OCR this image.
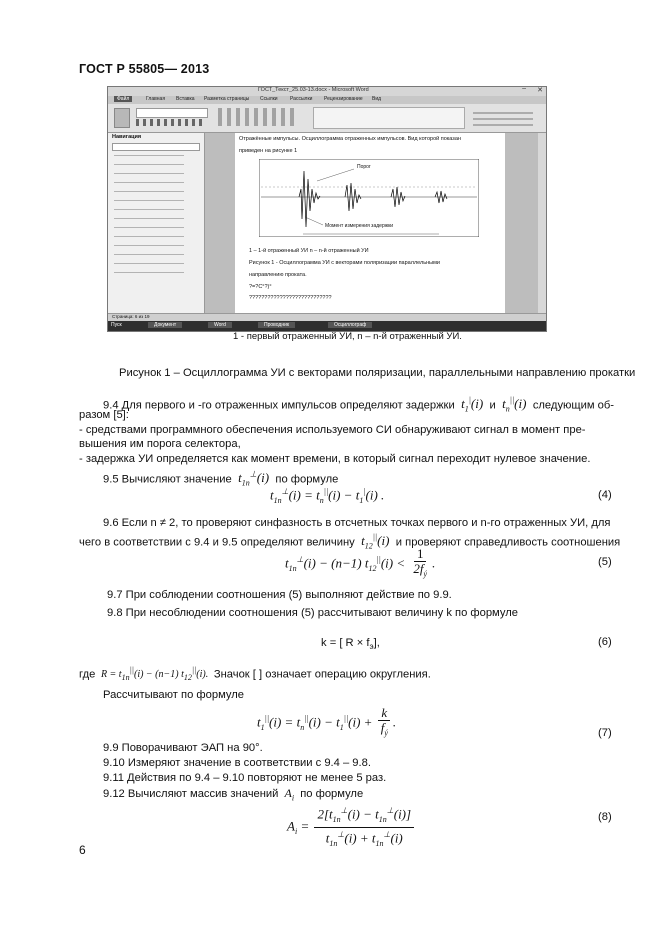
ГОСТ Р 55805— 2013
ГОСТ_Текст_25.03-13.docx - Microsoft Word	✕
–
Файл	Главная Вставка Разметка страницы Ссылки Рассылки Рецензирование Вид
Навигация	Отражённые импульсы. Осциллограмма отраженных импульсов. Вид которой показан
приведен на рисунке 1
Порог
Момент измерения задержки
1 – 1-й отраженный УИ n – n-й отраженный УИ
Рисунок 1 - Осциллограмма УИ с векторами поляризации параллельными
направлению проката.
?=?С°?)°
???????????????????????????
Страница: 6 из 19
Пуск	Документ	Word	Проводник	Осциллограф
1 - первый отраженный УИ, n – n-й отраженный УИ.
Рисунок 1 – Осциллограмма УИ с векторами поляризации, параллельными направлению прокатки
9.4 Для первого и -го отраженных импульсов определяют задержки  $t_1^|(i)$  и  $t_n^{||}(i)$  следующим об-
разом [5]:
- средствами программного обеспечения используемого СИ обнаруживают сигнал в момент пре-
вышения им порога селектора,
- задержка УИ определяется как момент времени, в который сигнал переходит нулевое значение.
9.5 Вычисляют значение  $t_{1n}^\perp(i)$  по формуле
$t_{1n}^\perp(i) = t_n^{||}(i) - t_1^|(i)$ .	(4)
9.6 Если n ≠ 2, то проверяют синфазность в отсчетных точках первого и n-го отраженных УИ, для
чего в соответствии с 9.4 и 9.5 определяют величину  $t_{12}^{||}(i)$  и проверяют справедливость соотношения
$t_{1n}^\perp(i) - (n-1) t_{12}^{||}(i) < \frac{1}{2f_ý}$ .	(5)
9.7 При соблюдении соотношения (5) выполняют действие по 9.9.
9.8 При несоблюдении соотношения (5) рассчитывают величину k по формуле
k = [ $R \times f_э$],	(6)
где  $R = t_{1n}^{||}(i) - (n-1)$ $t_{12}^{||}(i)$.  Значок [ ] означает операцию округления.
Рассчитывают по формуле
$t_1^{||}(i) = t_n^{||}(i) - t_1^{||}(i) + \frac{k}{f_ý}$ .
(7)
9.9 Поворачивают ЭАП на 90°.
9.10 Измеряют значение в соответствии с 9.4 – 9.8.
9.11 Действия по 9.4 – 9.10 повторяют не менее 5 раз.
9.12 Вычисляют массив значений $A_i$ по формуле
$A_i = \frac{2[t_{1n}^\perp(i) - t_{1n}^\perp(i)]}{t_{1n}^\perp(i) + t_{1n}^\perp(i)}$	(8)
6
